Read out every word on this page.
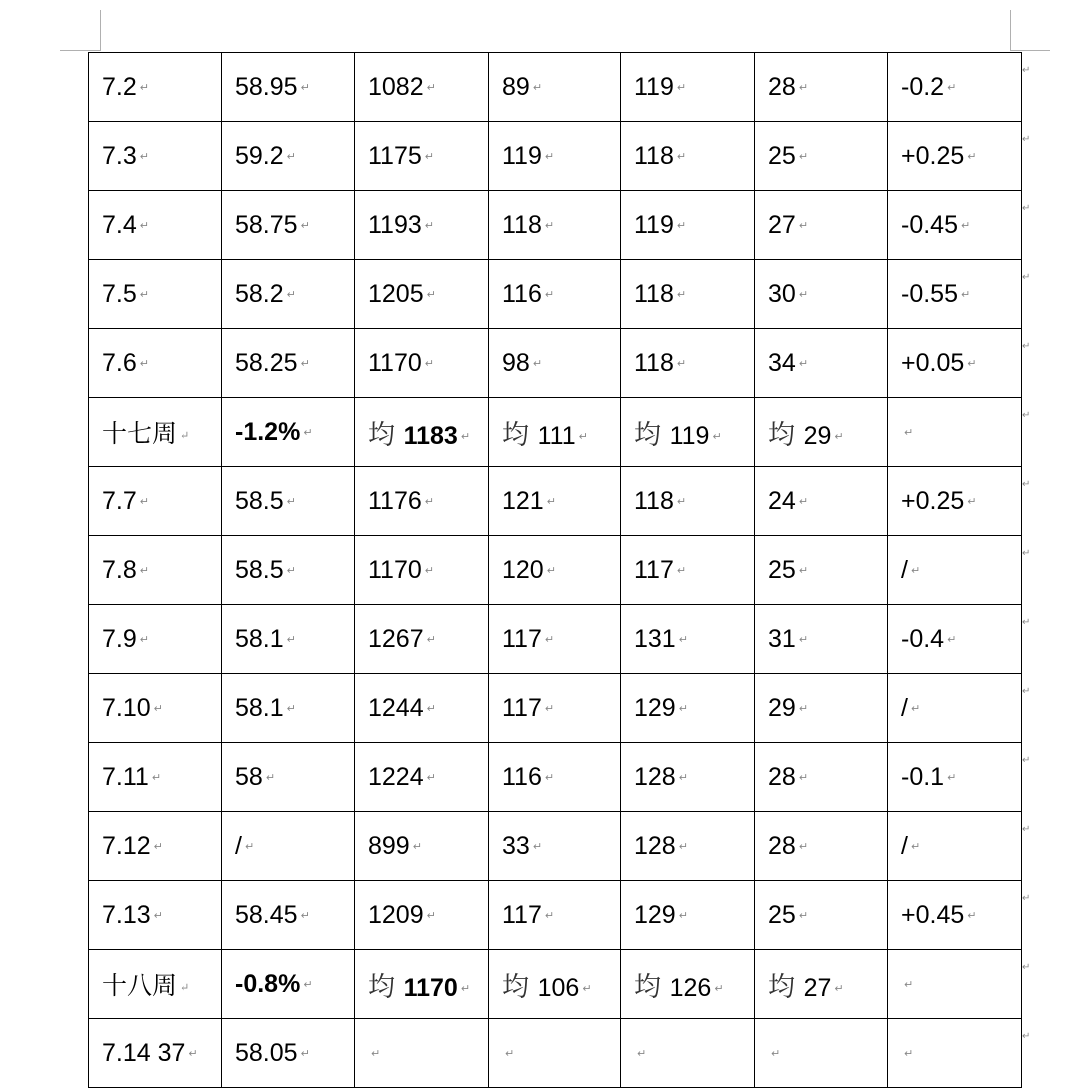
7.2 ↵	58.95 ↵	1082 ↵	89 ↵	119 ↵	28 ↵	-0.2 ↵
7.3 ↵	59.2 ↵	1175 ↵	119 ↵	118 ↵	25 ↵	+0.25 ↵
7.4 ↵	58.75 ↵	1193 ↵	118 ↵	119 ↵	27 ↵	-0.45 ↵
7.5 ↵	58.2 ↵	1205 ↵	116 ↵	118 ↵	30 ↵	-0.55 ↵
7.6 ↵	58.25 ↵	1170 ↵	98 ↵	118 ↵	34 ↵	+0.05 ↵
十七周 ↵	-1.2% ↵	均 1183 ↵	均 111 ↵	均 119 ↵	均 29 ↵	↵
7.7 ↵	58.5 ↵	1176 ↵	121 ↵	118 ↵	24 ↵	+0.25 ↵
7.8 ↵	58.5 ↵	1170 ↵	120 ↵	117 ↵	25 ↵	/ ↵
7.9 ↵	58.1 ↵	1267 ↵	117 ↵	131 ↵	31 ↵	-0.4 ↵
7.10 ↵	58.1 ↵	1244 ↵	117 ↵	129 ↵	29 ↵	/ ↵
7.11 ↵	58 ↵	1224 ↵	116 ↵	128 ↵	28 ↵	-0.1 ↵
7.12 ↵	/ ↵	899 ↵	33 ↵	128 ↵	28 ↵	/ ↵
7.13 ↵	58.45 ↵	1209 ↵	117 ↵	129 ↵	25 ↵	+0.45 ↵
十八周 ↵	-0.8% ↵	均 1170 ↵	均 106 ↵	均 126 ↵	均 27 ↵	↵
7.14 37 ↵	58.05 ↵	↵	↵	↵	↵	↵
↵
↵
↵
↵
↵
↵
↵
↵
↵
↵
↵
↵
↵
↵
↵
